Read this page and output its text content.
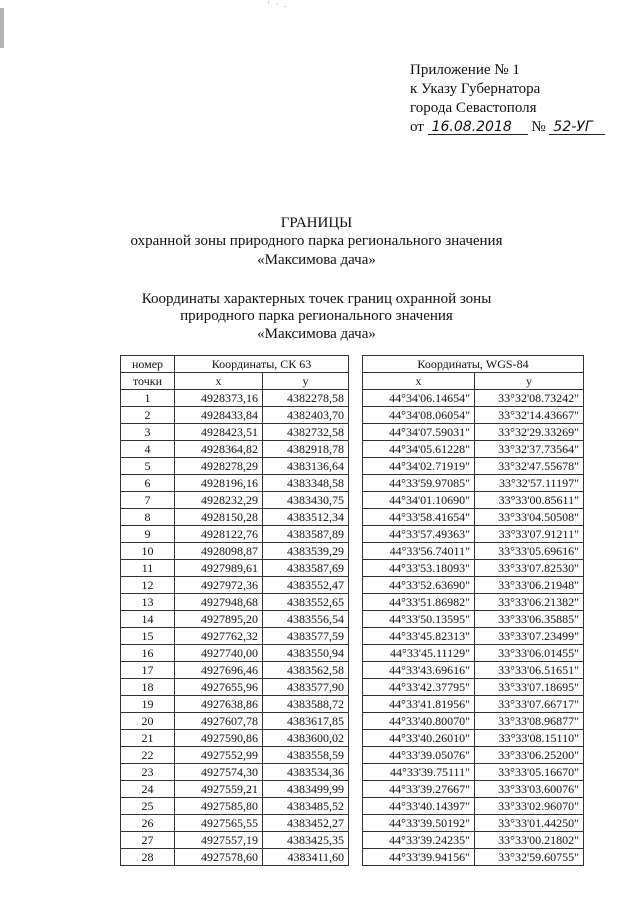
' · .
Приложение № 1
к Указу Губернатора
города Севастополя
от 16.08.2018 № 52-УГ
ГРАНИЦЫ
охранной зоны природного парка регионального значения
«Максимова дача»
Координаты характерных точек границ охранной зоны
природного парка регионального значения
«Максимова дача»
номер	Координаты, СК 63			Координаты, WGS-84	
точки	x	y		x	y
1	4928373,16	4382278,58		44°34'06.14654"	33°32'08.73242"
2	4928433,84	4382403,70		44°34'08.06054"	33°32'14.43667"
3	4928423,51	4382732,58		44°34'07.59031"	33°32'29.33269"
4	4928364,82	4382918,78		44°34'05.61228"	33°32'37.73564"
5	4928278,29	4383136,64		44°34'02.71919"	33°32'47.55678"
6	4928196,16	4383348,58		44°33'59.97085"	33°32'57.11197"
7	4928232,29	4383430,75		44°34'01.10690"	33°33'00.85611"
8	4928150,28	4383512,34		44°33'58.41654"	33°33'04.50508"
9	4928122,76	4383587,89		44°33'57.49363"	33°33'07.91211"
10	4928098,87	4383539,29		44°33'56.74011"	33°33'05.69616"
11	4927989,61	4383587,69		44°33'53.18093"	33°33'07.82530"
12	4927972,36	4383552,47		44°33'52.63690"	33°33'06.21948"
13	4927948,68	4383552,65		44°33'51.86982"	33°33'06.21382"
14	4927895,20	4383556,54		44°33'50.13595"	33°33'06.35885"
15	4927762,32	4383577,59		44°33'45.82313"	33°33'07.23499"
16	4927740,00	4383550,94		44°33'45.11129"	33°33'06.01455"
17	4927696,46	4383562,58		44°33'43.69616"	33°33'06.51651"
18	4927655,96	4383577,90		44°33'42.37795"	33°33'07.18695"
19	4927638,86	4383588,72		44°33'41.81956"	33°33'07.66717"
20	4927607,78	4383617,85		44°33'40.80070"	33°33'08.96877"
21	4927590,86	4383600,02		44°33'40.26010"	33°33'08.15110"
22	4927552,99	4383558,59		44°33'39.05076"	33°33'06.25200"
23	4927574,30	4383534,36		44°33'39.75111"	33°33'05.16670"
24	4927559,21	4383499,99		44°33'39.27667"	33°33'03.60076"
25	4927585,80	4383485,52		44°33'40.14397"	33°33'02.96070"
26	4927565,55	4383452,27		44°33'39.50192"	33°33'01.44250"
27	4927557,19	4383425,35		44°33'39.24235"	33°33'00.21802"
28	4927578,60	4383411,60		44°33'39.94156"	33°32'59.60755"
